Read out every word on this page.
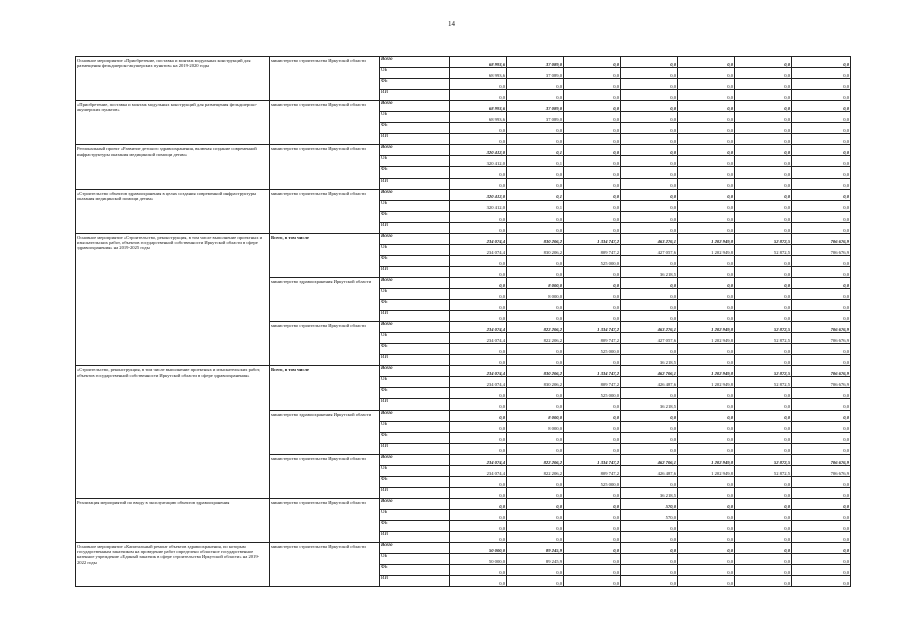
14
Основное мероприятие «Приобретение, поставка и монтаж модульных конструкций для размещения фельдшерско-акушерских пунктов» на 2019-2020 годы	министерство строительства Иркутской области	Всего	68 993,6	37 089,0	0,0	0,0	0,0	0,0	0,0
		ОБ	68 993,6	37 089,0	0,0	0,0	0,0	0,0	0,0
		ФБ	0,0	0,0	0,0	0,0	0,0	0,0	0,0
		ИИ	0,0	0,0	0,0	0,0	0,0	0,0	0,0
«Приобретение, поставка и монтаж модульных конструкций для размещения фельдшерско-акушерских пунктов»	министерство строительства Иркутской области	Всего	68 993,6	37 089,0	0,0	0,0	0,0	0,0	0,0
		ОБ	68 993,6	37 089,0	0,0	0,0	0,0	0,0	0,0
		ФБ	0,0	0,0	0,0	0,0	0,0	0,0	0,0
		ИИ	0,0	0,0	0,0	0,0	0,0	0,0	0,0
Региональный проект «Развитие детского здравоохранения, включая создание современной инфраструктуры оказания медицинской помощи детям»	министерство строительства Иркутской области	Всего	320 412,0	0,1	0,0	0,0	0,0	0,0	0,0
		ОБ	320 412,0	0,1	0,0	0,0	0,0	0,0	0,0
		ФБ	0,0	0,0	0,0	0,0	0,0	0,0	0,0
		ИИ	0,0	0,0	0,0	0,0	0,0	0,0	0,0
«Строительство объектов здравоохранения в целях создания современной инфраструктуры оказания медицинской помощи детям»	министерство строительства Иркутской области	Всего	320 412,0	0,1	0,0	0,0	0,0	0,0	0,0
		ОБ	320 412,0	0,1	0,0	0,0	0,0	0,0	0,0
		ФБ	0,0	0,0	0,0	0,0	0,0	0,0	0,0
		ИИ	0,0	0,0	0,0	0,0	0,0	0,0	0,0
Основное мероприятие «Строительство, реконструкция, в том числе выполнение проектных и изыскательских работ, объектов государственной собственности Иркутской области в сфере здравоохранения» на 2019-2025 годы	Всего, в том числе	Всего	234 074,4	830 206,2	1 334 747,2	463 276,1	1 202 949,8	52 872,5	706 676,9
		ОБ	234 074,4	830 206,2	809 747,2	427 057,6	1 202 949,8	52 872,5	706 676,9
		ФБ	0,0	0,0	525 000,0	0,0	0,0	0,0	0,0
		ИИ	0,0	0,0	0,0	36 218,5	0,0	0,0	0,0
	министерство здравоохранения Иркутской области	Всего	0,0	8 000,0	0,0	0,0	0,0	0,0	0,0
		ОБ	0,0	8 000,0	0,0	0,0	0,0	0,0	0,0
		ФБ	0,0	0,0	0,0	0,0	0,0	0,0	0,0
		ИИ	0,0	0,0	0,0	0,0	0,0	0,0	0,0
	министерство строительства Иркутской области	Всего	234 074,4	822 206,2	1 334 747,2	463 276,1	1 202 949,8	52 872,5	706 676,9
		ОБ	234 074,4	822 206,2	809 747,2	427 057,6	1 202 949,8	52 872,5	706 676,9
		ФБ	0,0	0,0	525 000,0	0,0	0,0	0,0	0,0
		ИИ	0,0	0,0	0,0	36 218,5	0,0	0,0	0,0
«Строительство, реконструкция, в том числе выполнение проектных и изыскательских работ, объектов государственной собственности Иркутской области в сфере здравоохранения»	Всего, в том числе	Всего	234 074,4	830 206,2	1 334 747,2	462 706,1	1 202 949,8	52 872,5	706 676,9
		ОБ	234 074,4	830 206,2	809 747,2	426 487,6	1 202 949,8	52 872,5	706 676,9
		ФБ	0,0	0,0	525 000,0	0,0	0,0	0,0	0,0
		ИИ	0,0	0,0	0,0	36 218,5	0,0	0,0	0,0
	министерство здравоохранения Иркутской области	Всего	0,0	8 000,0	0,0	0,0	0,0	0,0	0,0
		ОБ	0,0	8 000,0	0,0	0,0	0,0	0,0	0,0
		ФБ	0,0	0,0	0,0	0,0	0,0	0,0	0,0
		ИИ	0,0	0,0	0,0	0,0	0,0	0,0	0,0
	министерство строительства Иркутской области	Всего	234 074,4	822 206,2	1 334 747,2	462 706,1	1 202 949,8	52 872,5	706 676,9
		ОБ	234 074,4	822 206,2	809 747,2	426 487,6	1 202 949,8	52 872,5	706 676,9
		ФБ	0,0	0,0	525 000,0	0,0	0,0	0,0	0,0
		ИИ	0,0	0,0	0,0	36 218,5	0,0	0,0	0,0
Реализация мероприятий по вводу в эксплуатацию объектов здравоохранения	министерство строительства Иркутской области	Всего	0,0	0,0	0,0	570,0	0,0	0,0	0,0
		ОБ	0,0	0,0	0,0	570,0	0,0	0,0	0,0
		ФБ	0,0	0,0	0,0	0,0	0,0	0,0	0,0
		ИИ	0,0	0,0	0,0	0,0	0,0	0,0	0,0
Основное мероприятие «Капитальный ремонт объектов здравоохранения, по которым государственным заказчиком на проведение работ определено областное государственное казенное учреждение «Единый заказчик в сфере строительства Иркутской области» на 2019-2022 годы	министерство строительства Иркутской области	Всего	50 000,0	89 245,9	0,0	0,0	0,0	0,0	0,0
		ОБ	50 000,0	89 245,9	0,0	0,0	0,0	0,0	0,0
		ФБ	0,0	0,0	0,0	0,0	0,0	0,0	0,0
		ИИ	0,0	0,0	0,0	0,0	0,0	0,0	0,0
